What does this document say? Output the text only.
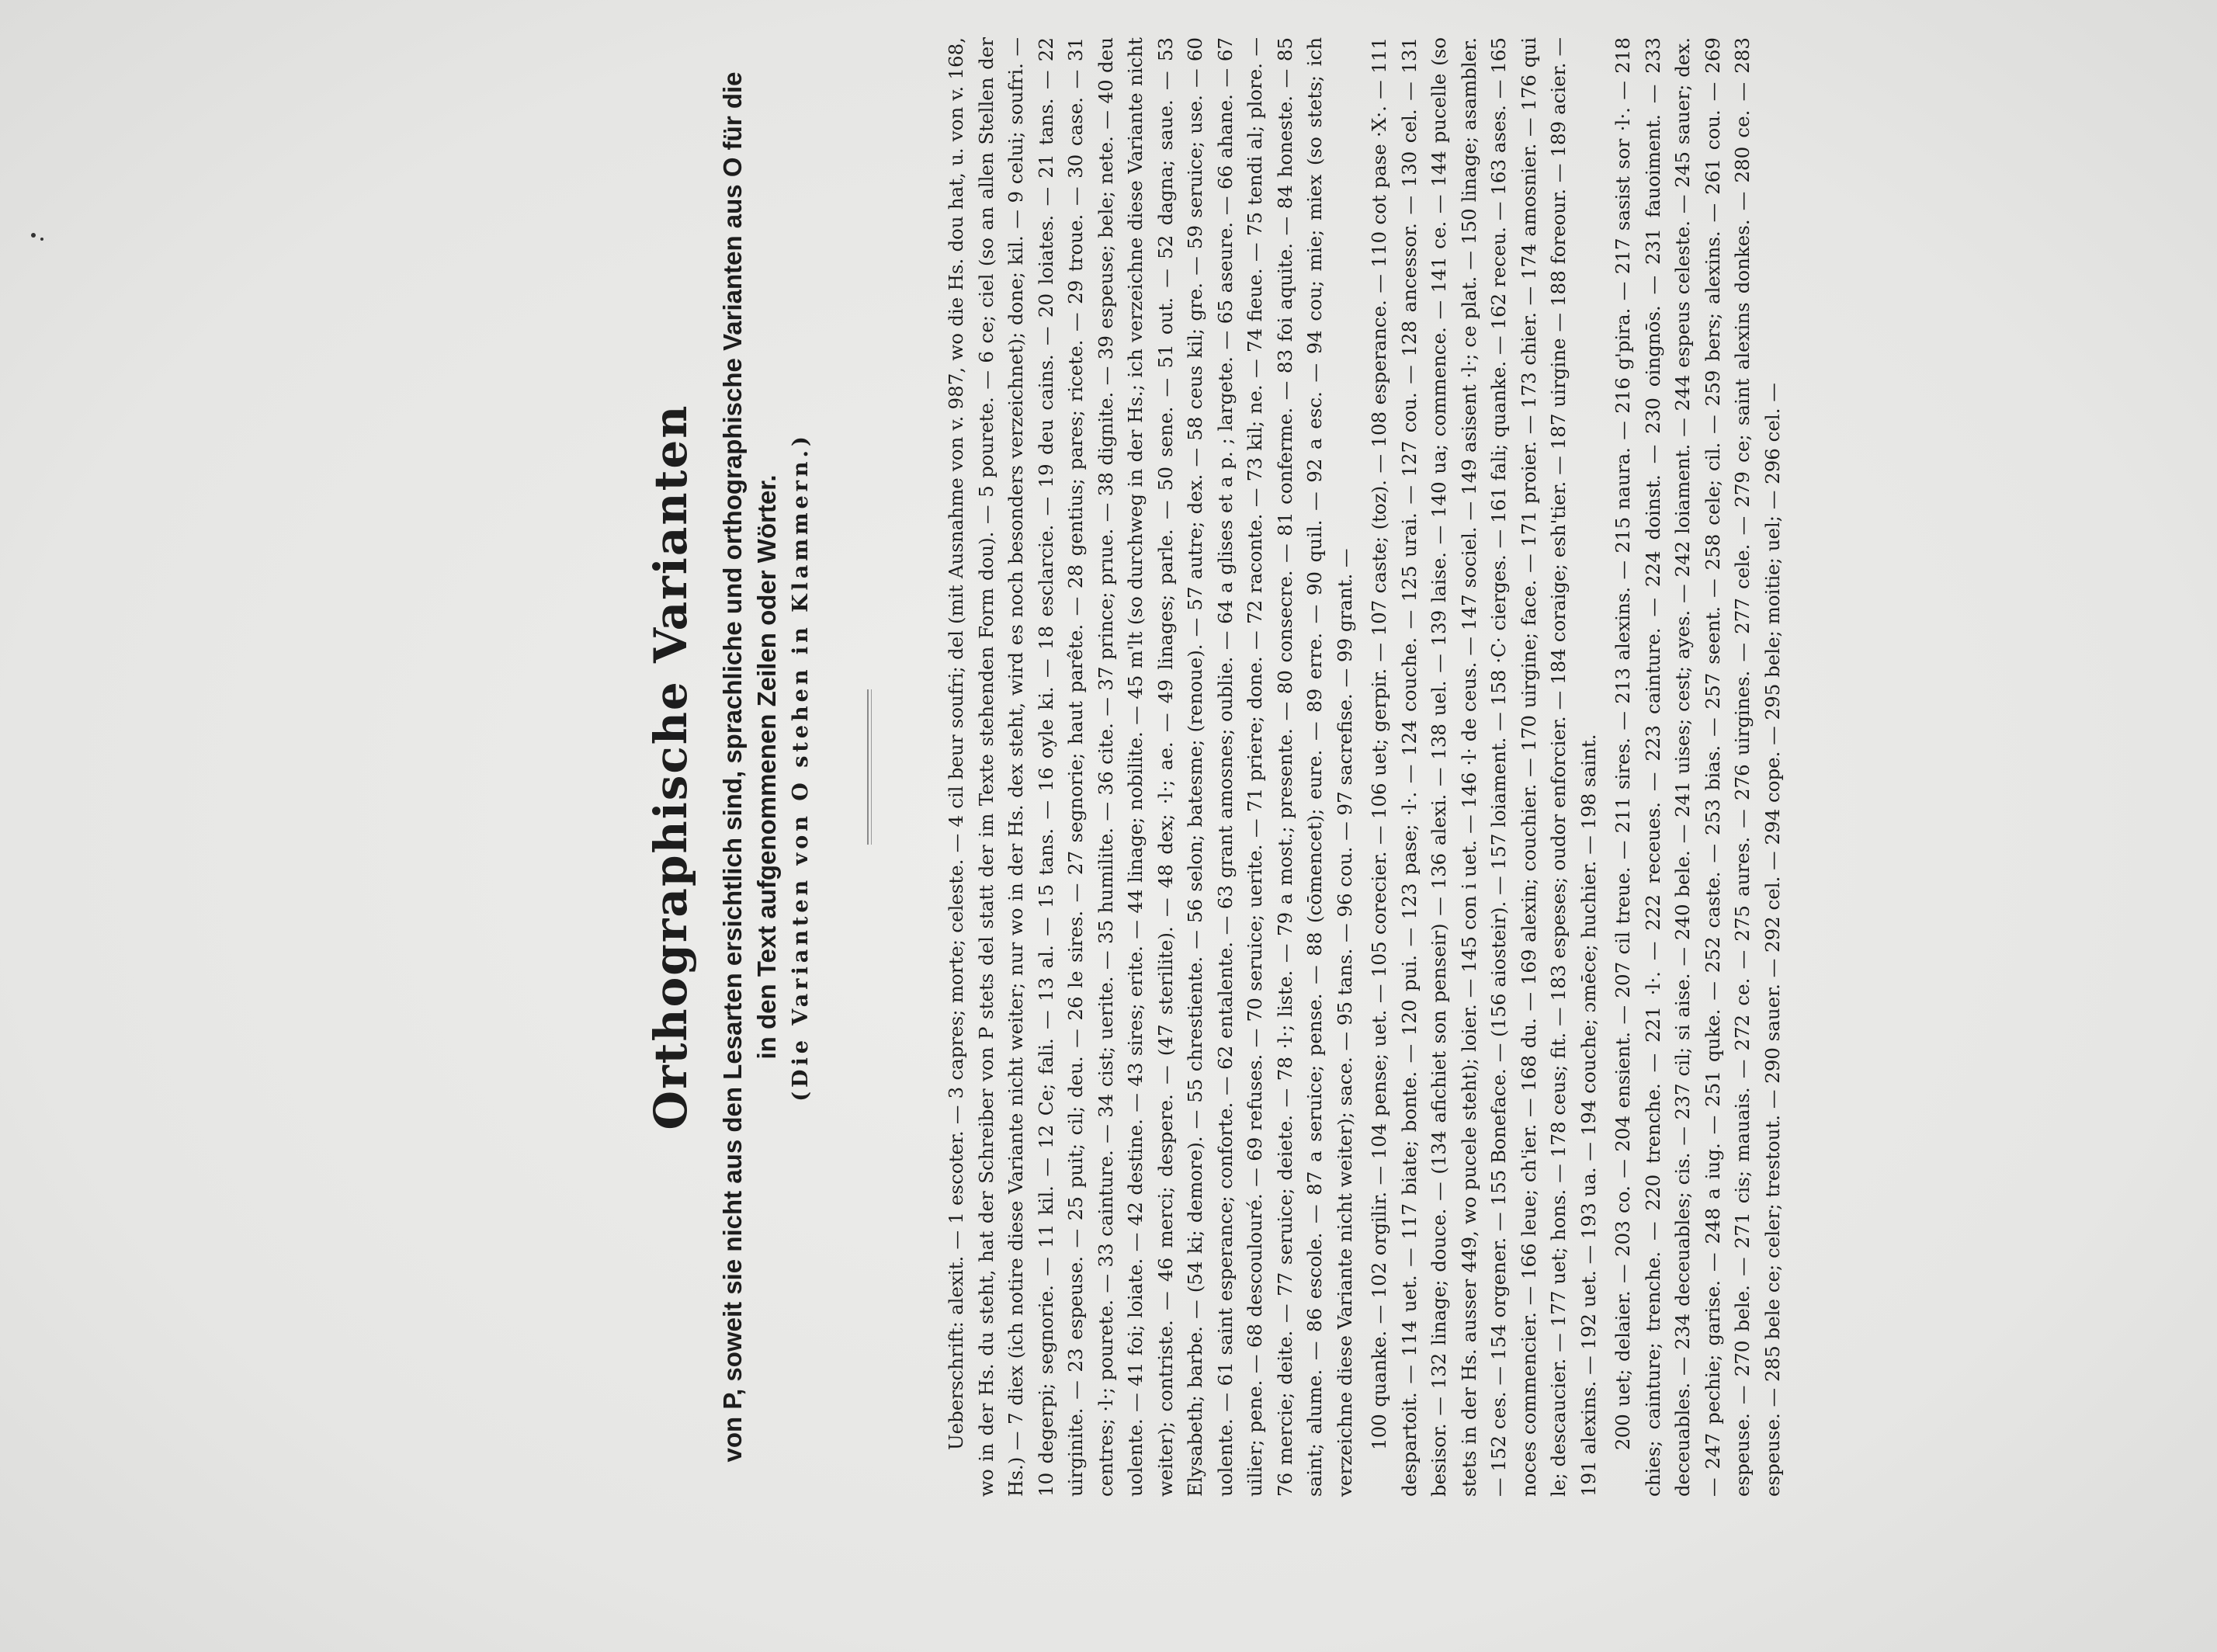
Orthographische Varianten von P, soweit sie nicht aus den Lesarten ersichtlich sind, sprachliche und orthographische Varianten aus O für die in den Text aufgenommenen Zeilen oder Wörter. (Die Varianten von O stehen in Klammern.)	Ueberschrift: alexit. — 1 escoter. — 3 capres; morte; celeste. — 4 cil beur soufri; del (mit Ausnahme von v. 987, wo die Hs. dou hat, u. von v. 168, wo in der Hs. du steht, hat der Schreiber von P stets del statt der im Texte stehenden Form dou). — 5 pourete. — 6 ce; ciel (so an allen Stellen der Hs.) — 7 diex (ich notire diese Variante nicht weiter; nur wo in der Hs. dex steht, wird es noch besonders verzeichnet); done; kil. — 9 celui; soufri. — 10 degerpi; segnorie. — 11 kil. — 12 Ce; fali. — 13 al. — 15 tans. — 16 oyle ki. — 18 esclarcie. — 19 deu cains. — 20 loiates. — 21 tans. — 22 uirginite. — 23 espeuse. — 25 puit; cil; deu. — 26 le sires. — 27 segnorie; haut parête. — 28 gentius; pares; ricete. — 29 troue. — 30 case. — 31 centres; ·l·; pourete. — 33 cainture. — 34 cist; uerite. — 35 humilite. — 36 cite. — 37 prince; prıue. — 38 dignite. — 39 espeuse; bele; nete. — 40 deu uolente. — 41 foi; loiate. — 42 destine. — 43 sires; erite. — 44 linage; nobilite. — 45 m'lt (so durchweg in der Hs.; ich verzeichne diese Variante nicht weiter); contriste. — 46 merci; despere. — (47 sterilite). — 48 dex; ·l·; ae. — 49 linages; parle. — 50 sene. — 51 out. — 52 dagna; saue. — 53 Elysabeth; barbe. — (54 ki; demore). — 55 chrestiente. — 56 selon; batesme; (renoue). — 57 autre; dex. — 58 ceus kil; gre. — 59 seruice; use. — 60 uolente. — 61 saint esperance; conforte. — 62 entalente. — 63 grant amosnes; oublie. — 64 a glises et a p. ; largete. — 65 aseure. — 66 ahane. — 67 uilier; pene. — 68 descoulouré. — 69 refuses. — 70 seruice; uerite. — 71 priere; done. — 72 raconte. — 73 kil; ne. — 74 fieue. — 75 tendi al; plore. — 76 mercie; deite. — 77 seruice; deiete. — 78 ·l·; liste. — 79 a most.; presente. — 80 consecre. — 81 conferme. — 83 foi aquite. — 84 honeste. — 85 saint; alume. — 86 escole. — 87 a seruice; pense. — 88 (cōmencet); eure. — 89 erre. — 90 quil. — 92 a esc. — 94 cou; mie; miex (so stets; ich verzeichne diese Variante nicht weiter); sace. — 95 tans. — 96 cou. — 97 sacrefise. — 99 grant. — 100 quanke. — 102 orgilir. — 104 pense; uet. — 105 corecier. — 106 uet; gerpir. — 107 caste; (toz). — 108 esperance. — 110 cot pase ·X·. — 111 despartoit. — 114 uet. — 117 biate; bonte. — 120 pui. — 123 pase; ·l·. — 124 couche. — 125 urai. — 127 cou. — 128 ancessor. — 130 cel. — 131 besisor. — 132 linage; douce. — (134 afichiet son penseir) — 136 alexi. — 138 uel. — 139 laise. — 140 ua; commence. — 141 ce. — 144 pucelle (so stets in der Hs. ausser 449, wo pucele steht); loier. — 145 con i uet. — 146 ·l· de ceus. — 147 sociel. — 149 asisent ·l·; ce plat. — 150 linage; asambler. — 152 ces. — 154 orgener. — 155 Boneface. — (156 aiosteir). — 157 loiament. — 158 ·C· cierges. — 161 fali; quanke. — 162 receu. — 163 ases. — 165 noces commencier. — 166 leue; ch'ier. — 168 du. — 169 alexin; couchier. — 170 uirgine; face. — 171 proier. — 173 chier. — 174 amosnier. — 176 qui le; descaucier. — 177 uet; hons. — 178 ceus; fit. — 183 espeses; oudor enforcier. — 184 coraige; esh'tier. — 187 uirgine — 188 foreour. — 189 acier. — 191 alexins. — 192 uet. — 193 ua. — 194 couche; ɔmēce; huchier. — 198 saint. 200 uet; delaier. — 203 co. — 204 ensient. — 207 cil treue. — 211 sires. — 213 alexins. — 215 naura. — 216 g'pira. — 217 sasist sor ·l·. — 218 chies; cainture; trenche. — 220 trenche. — 221 ·l·. — 222 receues. — 223 cainture. — 224 doinst. — 230 oingnōs. — 231 fauoiment. — 233 deceuables. — 234 deceuables; cis. — 237 cil; si aise. — 240 bele. — 241 uises; cest; ayes. — 242 loiament. — 244 espeus celeste. — 245 sauer; dex. — 247 pechie; garise. — 248 a iug. — 251 quke. — 252 caste. — 253 bias. — 257 seent. — 258 cele; cil. — 259 bers; alexins. — 261 cou. — 269 espeuse. — 270 bele. — 271 cis; mauais. — 272 ce. — 275 aures. — 276 uirgines. — 277 cele. — 279 ce; saint alexins donkes. — 280 ce. — 283 espeuse. — 285 bele ce; celer; trestout. — 290 sauer. — 292 cel. — 294 cope. — 295 bele; moitie; uel; — 296 cel. —
